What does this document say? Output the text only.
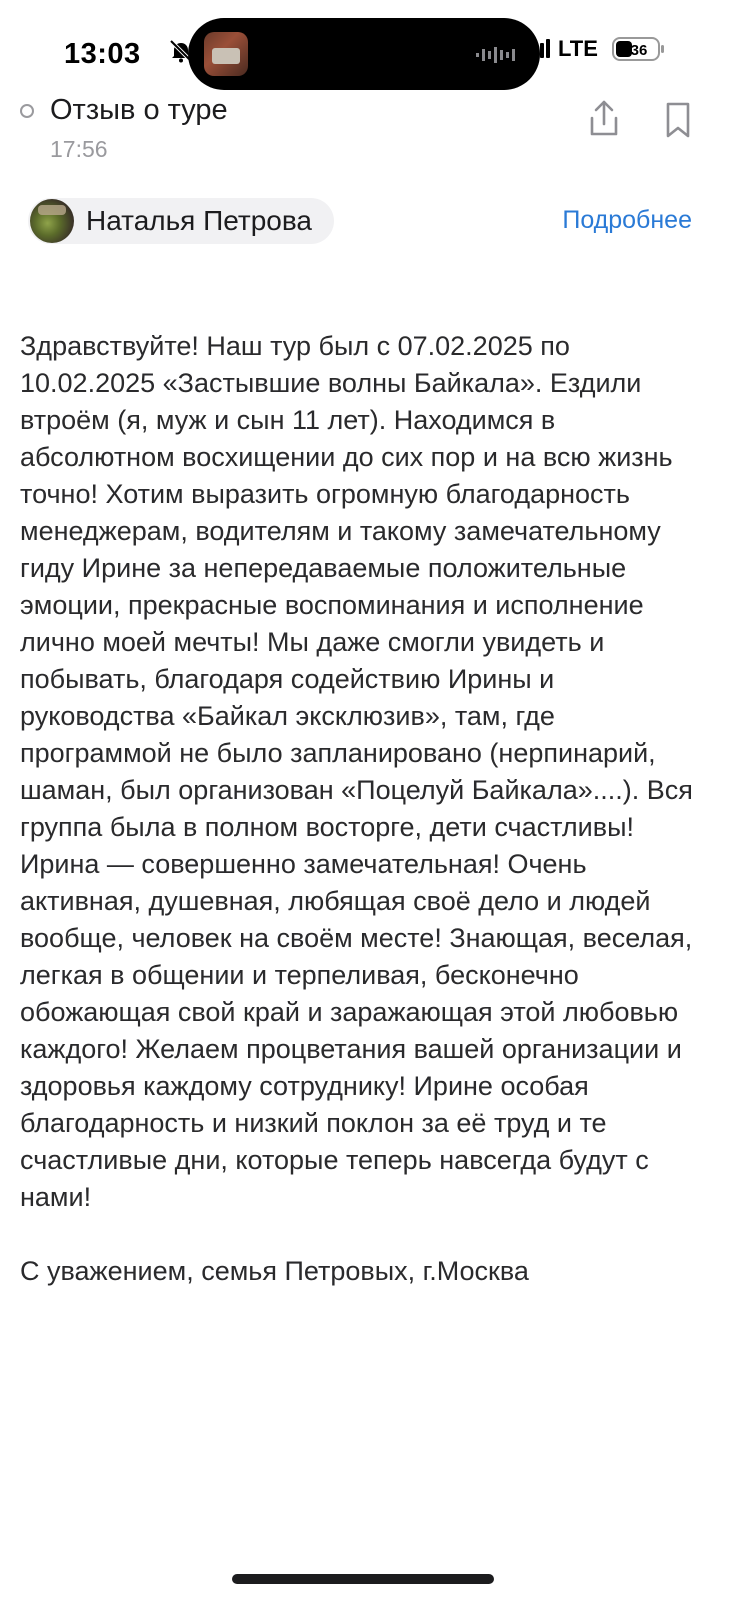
13:03	LTE 36
Отзыв о туре
17:56
Наталья Петрова	Подробнее

Здравствуйте! Наш тур был с 07.02.2025 по 10.02.2025 «Застывшие волны Байкала». Ездили втроём (я, муж и сын 11 лет). Находимся в абсолютном восхищении до сих пор и на всю жизнь точно! Хотим выразить огромную благодарность менеджерам, водителям и такому замечательному гиду Ирине за непередаваемые положительные эмоции, прекрасные воспоминания и исполнение лично моей мечты! Мы даже смогли увидеть и побывать, благодаря содействию Ирины и руководства «Байкал эксклюзив», там, где программой не было запланировано (нерпинарий, шаман, был организован «Поцелуй Байкала»....). Вся группа была в полном восторге, дети счастливы! Ирина — совершенно замечательная! Очень активная, душевная, любящая своё дело и людей вообще, человек на своём месте! Знающая, веселая, легкая в общении и терпеливая, бесконечно обожающая свой край и заражающая этой любовью каждого! Желаем процветания вашей организации и здоровья каждому сотруднику! Ирине особая благодарность и низкий поклон за её труд и те счастливые дни, которые теперь навсегда будут с нами!

С уважением, семья Петровых, г.Москва
